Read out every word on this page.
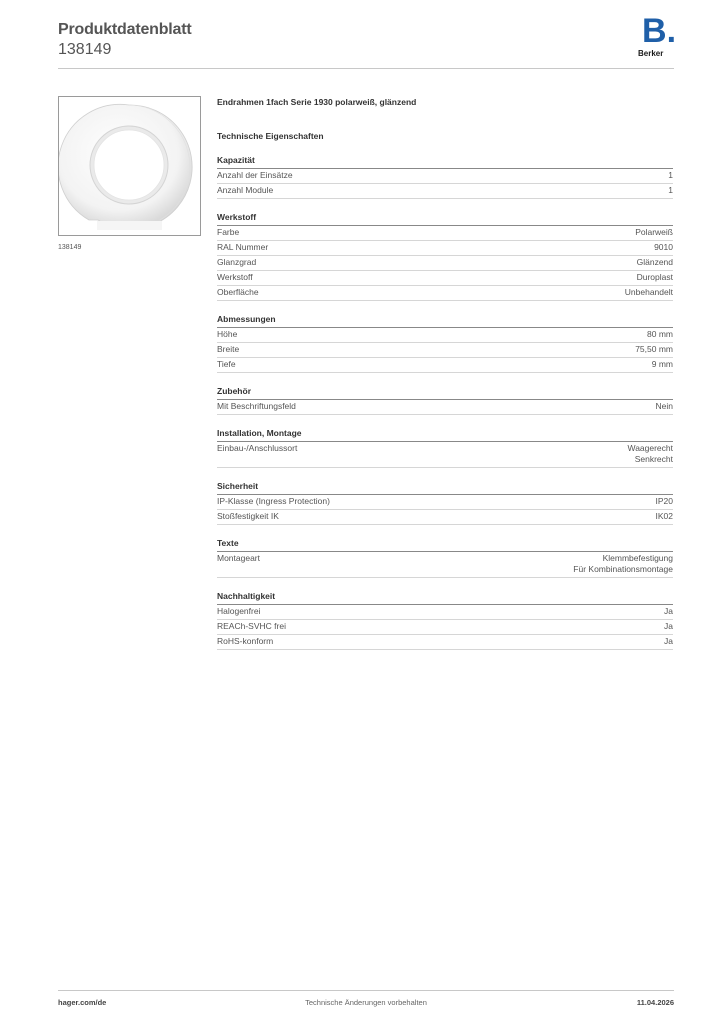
Produktdatenblatt
138149	B.
Berker
138149
Endrahmen 1fach Serie 1930 polarweiß, glänzend
Technische Eigenschaften
Kapazität
Anzahl der Einsätze	1
Anzahl Module	1
Werkstoff
Farbe	Polarweiß
RAL Nummer	9010
Glanzgrad	Glänzend
Werkstoff	Duroplast
Oberfläche	Unbehandelt
Abmessungen
Höhe	80 mm
Breite	75,50 mm
Tiefe	9 mm
Zubehör
Mit Beschriftungsfeld	Nein
Installation, Montage
Einbau-/Anschlussort	Waagerecht
Senkrecht
Sicherheit
IP-Klasse (Ingress Protection)	IP20
Stoßfestigkeit IK	IK02
Texte
Montageart	Klemmbefestigung
Für Kombinationsmontage
Nachhaltigkeit
Halogenfrei	Ja
REACh-SVHC frei	Ja
RoHS-konform	Ja
hager.com/de	Technische Änderungen vorbehalten	11.04.2026
